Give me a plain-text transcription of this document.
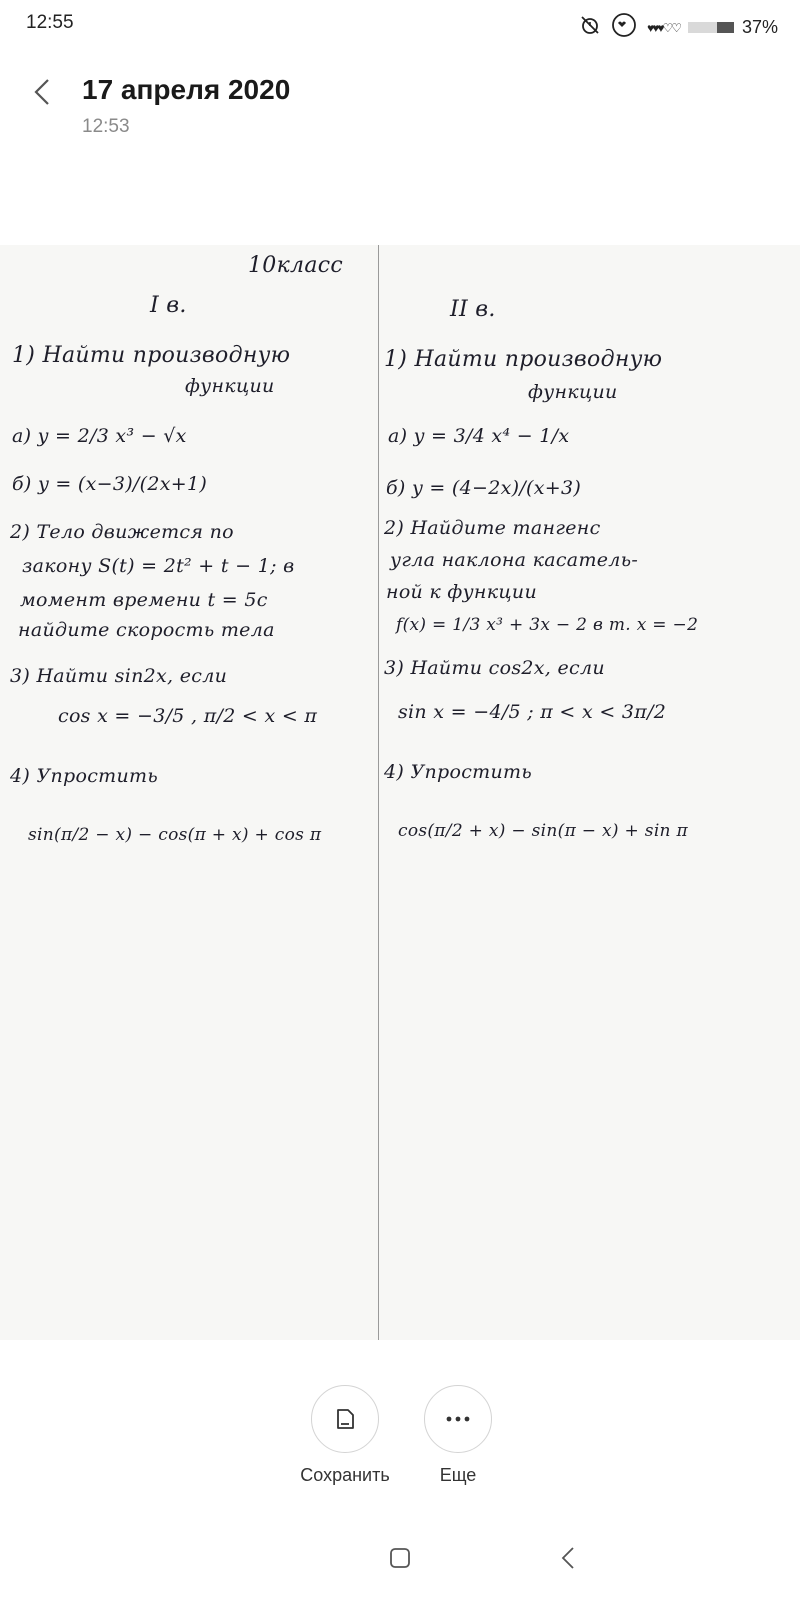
12:55	♥♥♥♡♡	37%
17 апреля 2020
12:53
10класс
I в.
1) Найти производную
функции
а) y = 2/3 x³ − √x
б) y = (x−3)/(2x+1)
2) Тело движется по
закону S(t) = 2t² + t − 1; в
момент времени t = 5c
найдите скорость тела
3) Найти sin2x, если
cos x = −3/5 , π/2 < x < π
4) Упростить
sin(π/2 − x) − cos(π + x) + cos π
II в.
1) Найти производную
функции
а) y = 3/4 x⁴ − 1/x
б) y = (4−2x)/(x+3)
2) Найдите тангенс
угла наклона касатель-
ной к функции
f(x) = 1/3 x³ + 3x − 2 в т. x = −2
3) Найти cos2x, если
sin x = −4/5 ; π < x < 3π/2
4) Упростить
cos(π/2 + x) − sin(π − x) + sin π
Сохранить	Еще
